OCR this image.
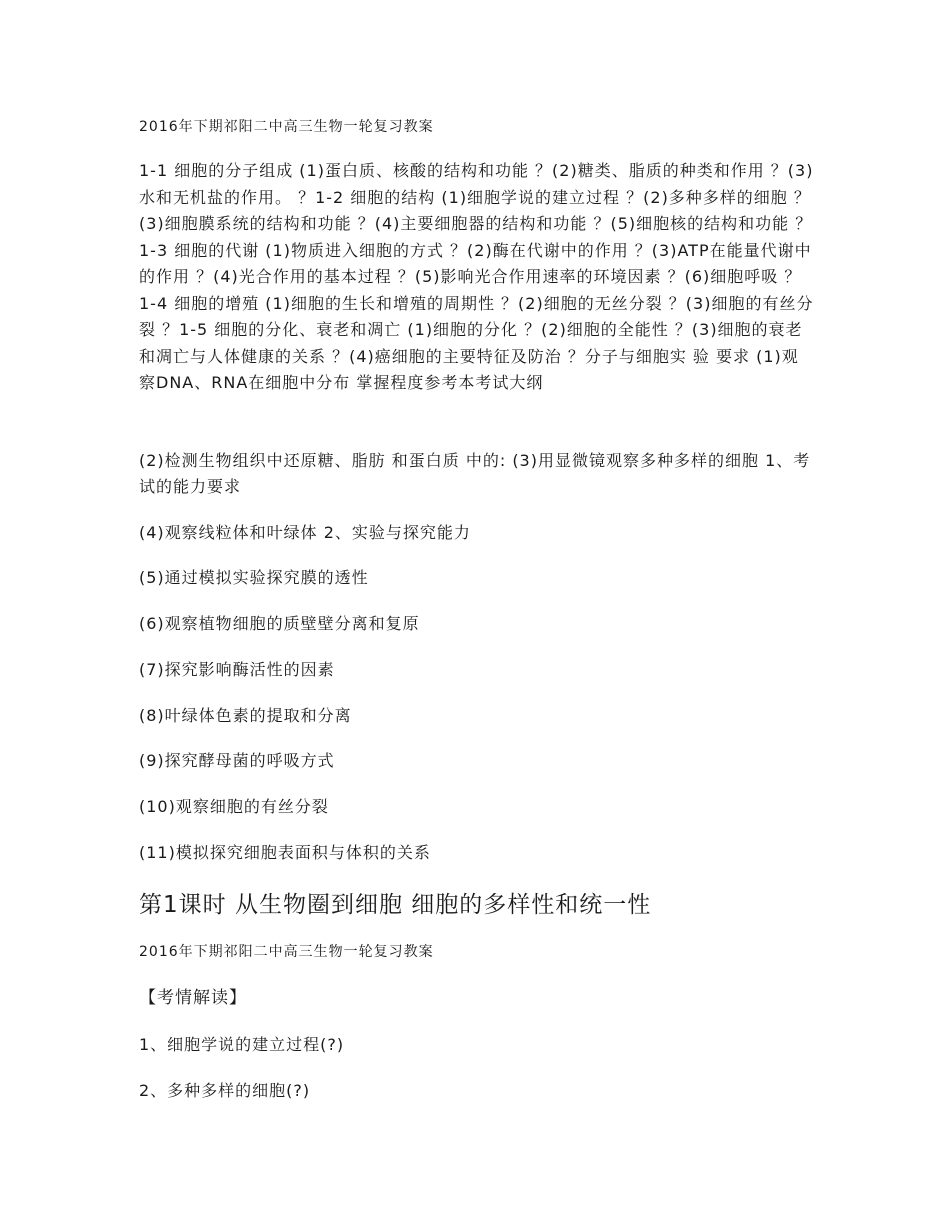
2016年下期祁阳二中高三生物一轮复习教案

1-1 细胞的分子组成 (1)蛋白质、核酸的结构和功能 ？(2)糖类、脂质的种类和作用 ？(3)水和无机盐的作用。 ？1-2 细胞的结构 (1)细胞学说的建立过程 ？(2)多种多样的细胞 ？(3)细胞膜系统的结构和功能 ？(4)主要细胞器的结构和功能 ？(5)细胞核的结构和功能 ？1-3 细胞的代谢 (1)物质进入细胞的方式 ？(2)酶在代谢中的作用 ？(3)ATP在能量代谢中的作用 ？(4)光合作用的基本过程 ？(5)影响光合作用速率的环境因素 ？(6)细胞呼吸 ？1-4 细胞的增殖 (1)细胞的生长和增殖的周期性 ？(2)细胞的无丝分裂 ？(3)细胞的有丝分裂 ？1-5 细胞的分化、衰老和凋亡 (1)细胞的分化 ？(2)细胞的全能性 ？(3)细胞的衰老和凋亡与人体健康的关系 ？(4)癌细胞的主要特征及防治 ？分子与细胞实 验 要求 (1)观察DNA、RNA在细胞中分布 掌握程度参考本考试大纲

(2)检测生物组织中还原糖、脂肪 和蛋白质 中的: (3)用显微镜观察多种多样的细胞 1、考试的能力要求

(4)观察线粒体和叶绿体 2、实验与探究能力

(5)通过模拟实验探究膜的透性

(6)观察植物细胞的质壁壁分离和复原

(7)探究影响酶活性的因素

(8)叶绿体色素的提取和分离

(9)探究酵母菌的呼吸方式

(10)观察细胞的有丝分裂

(11)模拟探究细胞表面积与体积的关系

第1课时 从生物圈到细胞 细胞的多样性和统一性

2016年下期祁阳二中高三生物一轮复习教案

【考情解读】

1、细胞学说的建立过程(?)

2、多种多样的细胞(?)
